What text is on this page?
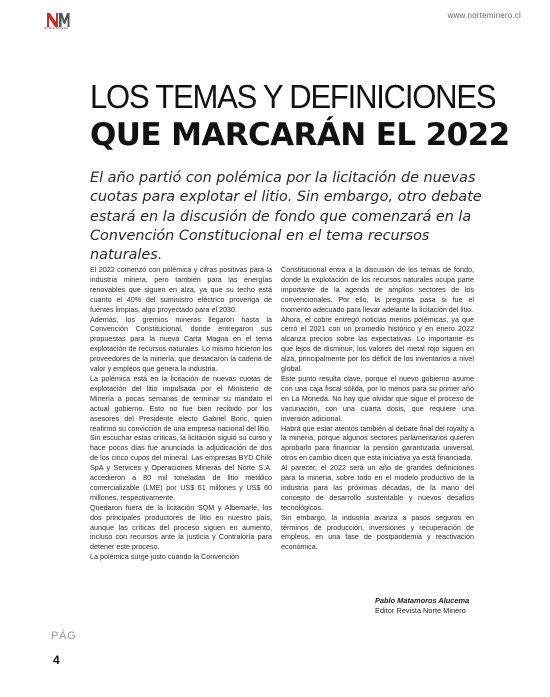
NORTE MINERO
www.norteminero.cl
LOS TEMAS Y DEFINICIONES
QUE MARCARÁN EL 2022

El año partió con polémica por la licitación de nuevas cuotas para explotar el litio. Sin embargo, otro debate estará en la discusión de fondo que comenzará en la Convención Constitucional en el tema recursos naturales.

El 2022 comenzó con polémica y cifras positivas para la industria minera, pero también para las energías renovables que siguen en alza, ya que su techo está cuanto el 40% del suministro eléctrico provenga de fuentes limpias, algo proyectado para el 2030.

Además, los gremios mineros llegaron hasta la Convención Constitucional, donde entregaron sus propuestas para la nueva Carta Magna en el tema explotación de recursos naturales. Lo mismo hicieron los proveedores de la minería, que destacaron la cadena de valor y empleos que genera la industria.

La polémica está en la licitación de nuevas cuotas de explotación del litio impulsada por el Ministerio de Minería a pocas semanas de terminar su mandato el actual gobierno. Esto no fue bien recibido por los asesores del Presidente electo Gabriel Boric, quien reafirmó su convicción de una empresa nacional del litio.

Sin escuchar estas críticas, la licitación siguió su curso y hace pocos días fue anunciada la adjudicación de dos de los cinco cupos del mineral. Las empresas BYD Chile SpA y Services y Operaciones Mineras del Norte S.A. accedieron a 80 mil toneladas de litio metálico comercializable (LME) por US$ 61 millones y US$ 60 millones, respectivamente.

Quedaron fuera de la licitación SQM y Albemarle, los dos principales productores de litio en nuestro país, aunque las críticas del proceso siguen en aumento, incluso con recursos ante la justicia y Contraloría para detener este proceso.

La polémica surge justo cuando la Convención

Constitucional entra a la discusión de los temas de fondo, donde la explotación de los recursos naturales ocupa parte importante de la agenda de amplios sectores de los convencionales. Por ello, la pregunta pasa si fue el momento adecuado para llevar adelante la licitación del litio.

Ahora, el cobre entregó noticias menos polémicas, ya que cerró el 2021 con un promedio histórico y en enero 2022 alcanza precios sobre las expectativas. Lo importante es que lejos de disminuir, los valores del metal rojo siguen en alza, principalmente por los déficit de los inventarios a nivel global.

Este punto resulta clave, porque el nuevo gobierno asume con una caja fiscal sólida, por lo menos para su primer año en La Moneda. No hay que olvidar que sigue el proceso de vacunación, con una cuarta dosis, que requiere una inversión adicional.

Habrá que estar atentos también al debate final del royalty a la minería, porque algunos sectores parlamentarios quieren aprobarlo para financiar la pensión garantizada universal, otros en cambio dicen que esta iniciativa ya está financiada.

Al parecer, el 2022 será un año de grandes definiciones para la minería, sobre todo en el modelo productivo de la industria para las próximas décadas, de la mano del concepto de desarrollo sustentable y nuevos desafíos tecnológicos.

Sin embargo, la industria avanza a pasos seguros en términos de producción, inversiones y recuperación de empleos, en una fase de postpandemia y reactivación económica.

Pablo Matamoros Alucema
Editor Revista Norte Minero
PÁG
4
